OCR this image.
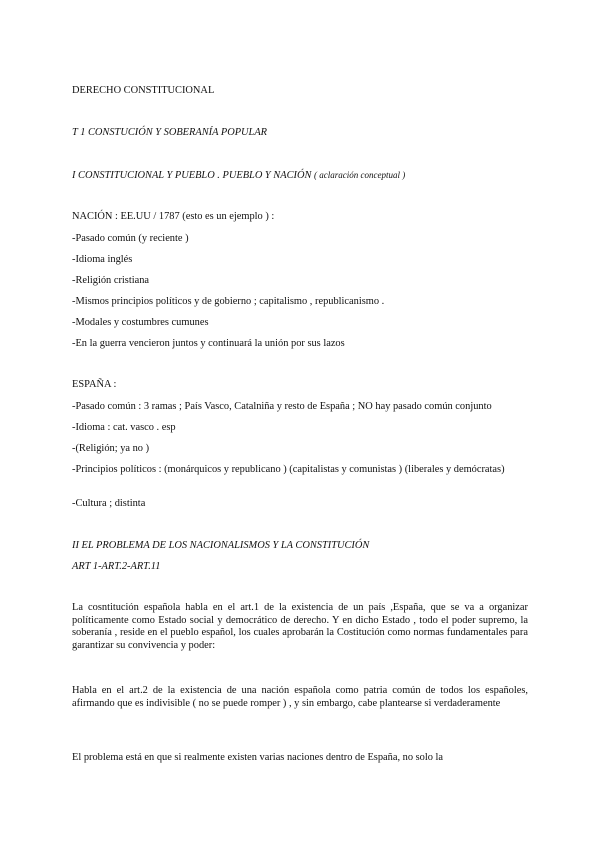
DERECHO CONSTITUCIONAL

T 1 CONSTUCIÓN Y SOBERANÍA POPULAR

I CONSTITUCIONAL Y PUEBLO . PUEBLO Y NACIÓN ( aclaración conceptual )

NACIÓN : EE.UU / 1787 (esto es un ejemplo ) :

-Pasado común (y reciente )

-Idioma inglés

-Religión cristiana

-Mismos principios políticos y de gobierno ; capitalismo , republicanismo .

-Modales y costumbres cumunes

-En la guerra vencieron juntos y continuará la unión por sus lazos

ESPAÑA :

-Pasado común : 3 ramas ; País Vasco, Catalniña y resto de España ; NO hay pasado común conjunto

-Idioma : cat. vasco . esp

-(Religión; ya no )

-Principios políticos : (monárquicos y republicano ) (capitalistas y comunistas ) (liberales y demócratas)

-Cultura ; distinta

II EL PROBLEMA DE LOS NACIONALISMOS Y LA CONSTITUCIÓN

ART 1-ART.2-ART.11

La cosntitución española habla en el art.1 de la existencia de un país ,España, que se va a organizar políticamente como Estado social y democrático de derecho. Y en dicho Estado , todo el poder supremo, la soberanía , reside en el pueblo español, los cuales aprobarán la Costitución como normas fundamentales para garantizar su convivencia y poder:

Habla en el art.2 de la existencia de una nación española como patria común de todos los españoles, afirmando que es indivisible ( no se puede romper ) , y sin embargo, cabe plantearse si verdaderamente

El problema está en que si realmente existen varias naciones dentro de España, no solo la
